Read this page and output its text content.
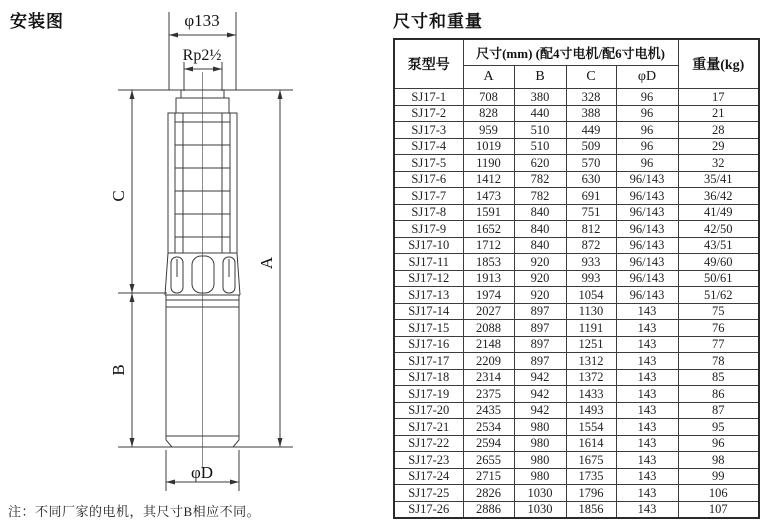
安装图	尺寸和重量
φ133
Rp2½
C
B
A
φD
注：不同厂家的电机，其尺寸B相应不同。
泵型号	尺寸(mm) (配4寸电机/配6寸电机)				重量(kg)
	A	B	C	φD	
SJ17-1	708	380	328	96	17
SJ17-2	828	440	388	96	21
SJ17-3	959	510	449	96	28
SJ17-4	1019	510	509	96	29
SJ17-5	1190	620	570	96	32
SJ17-6	1412	782	630	96/143	35/41
SJ17-7	1473	782	691	96/143	36/42
SJ17-8	1591	840	751	96/143	41/49
SJ17-9	1652	840	812	96/143	42/50
SJ17-10	1712	840	872	96/143	43/51
SJ17-11	1853	920	933	96/143	49/60
SJ17-12	1913	920	993	96/143	50/61
SJ17-13	1974	920	1054	96/143	51/62
SJ17-14	2027	897	1130	143	75
SJ17-15	2088	897	1191	143	76
SJ17-16	2148	897	1251	143	77
SJ17-17	2209	897	1312	143	78
SJ17-18	2314	942	1372	143	85
SJ17-19	2375	942	1433	143	86
SJ17-20	2435	942	1493	143	87
SJ17-21	2534	980	1554	143	95
SJ17-22	2594	980	1614	143	96
SJ17-23	2655	980	1675	143	98
SJ17-24	2715	980	1735	143	99
SJ17-25	2826	1030	1796	143	106
SJ17-26	2886	1030	1856	143	107
